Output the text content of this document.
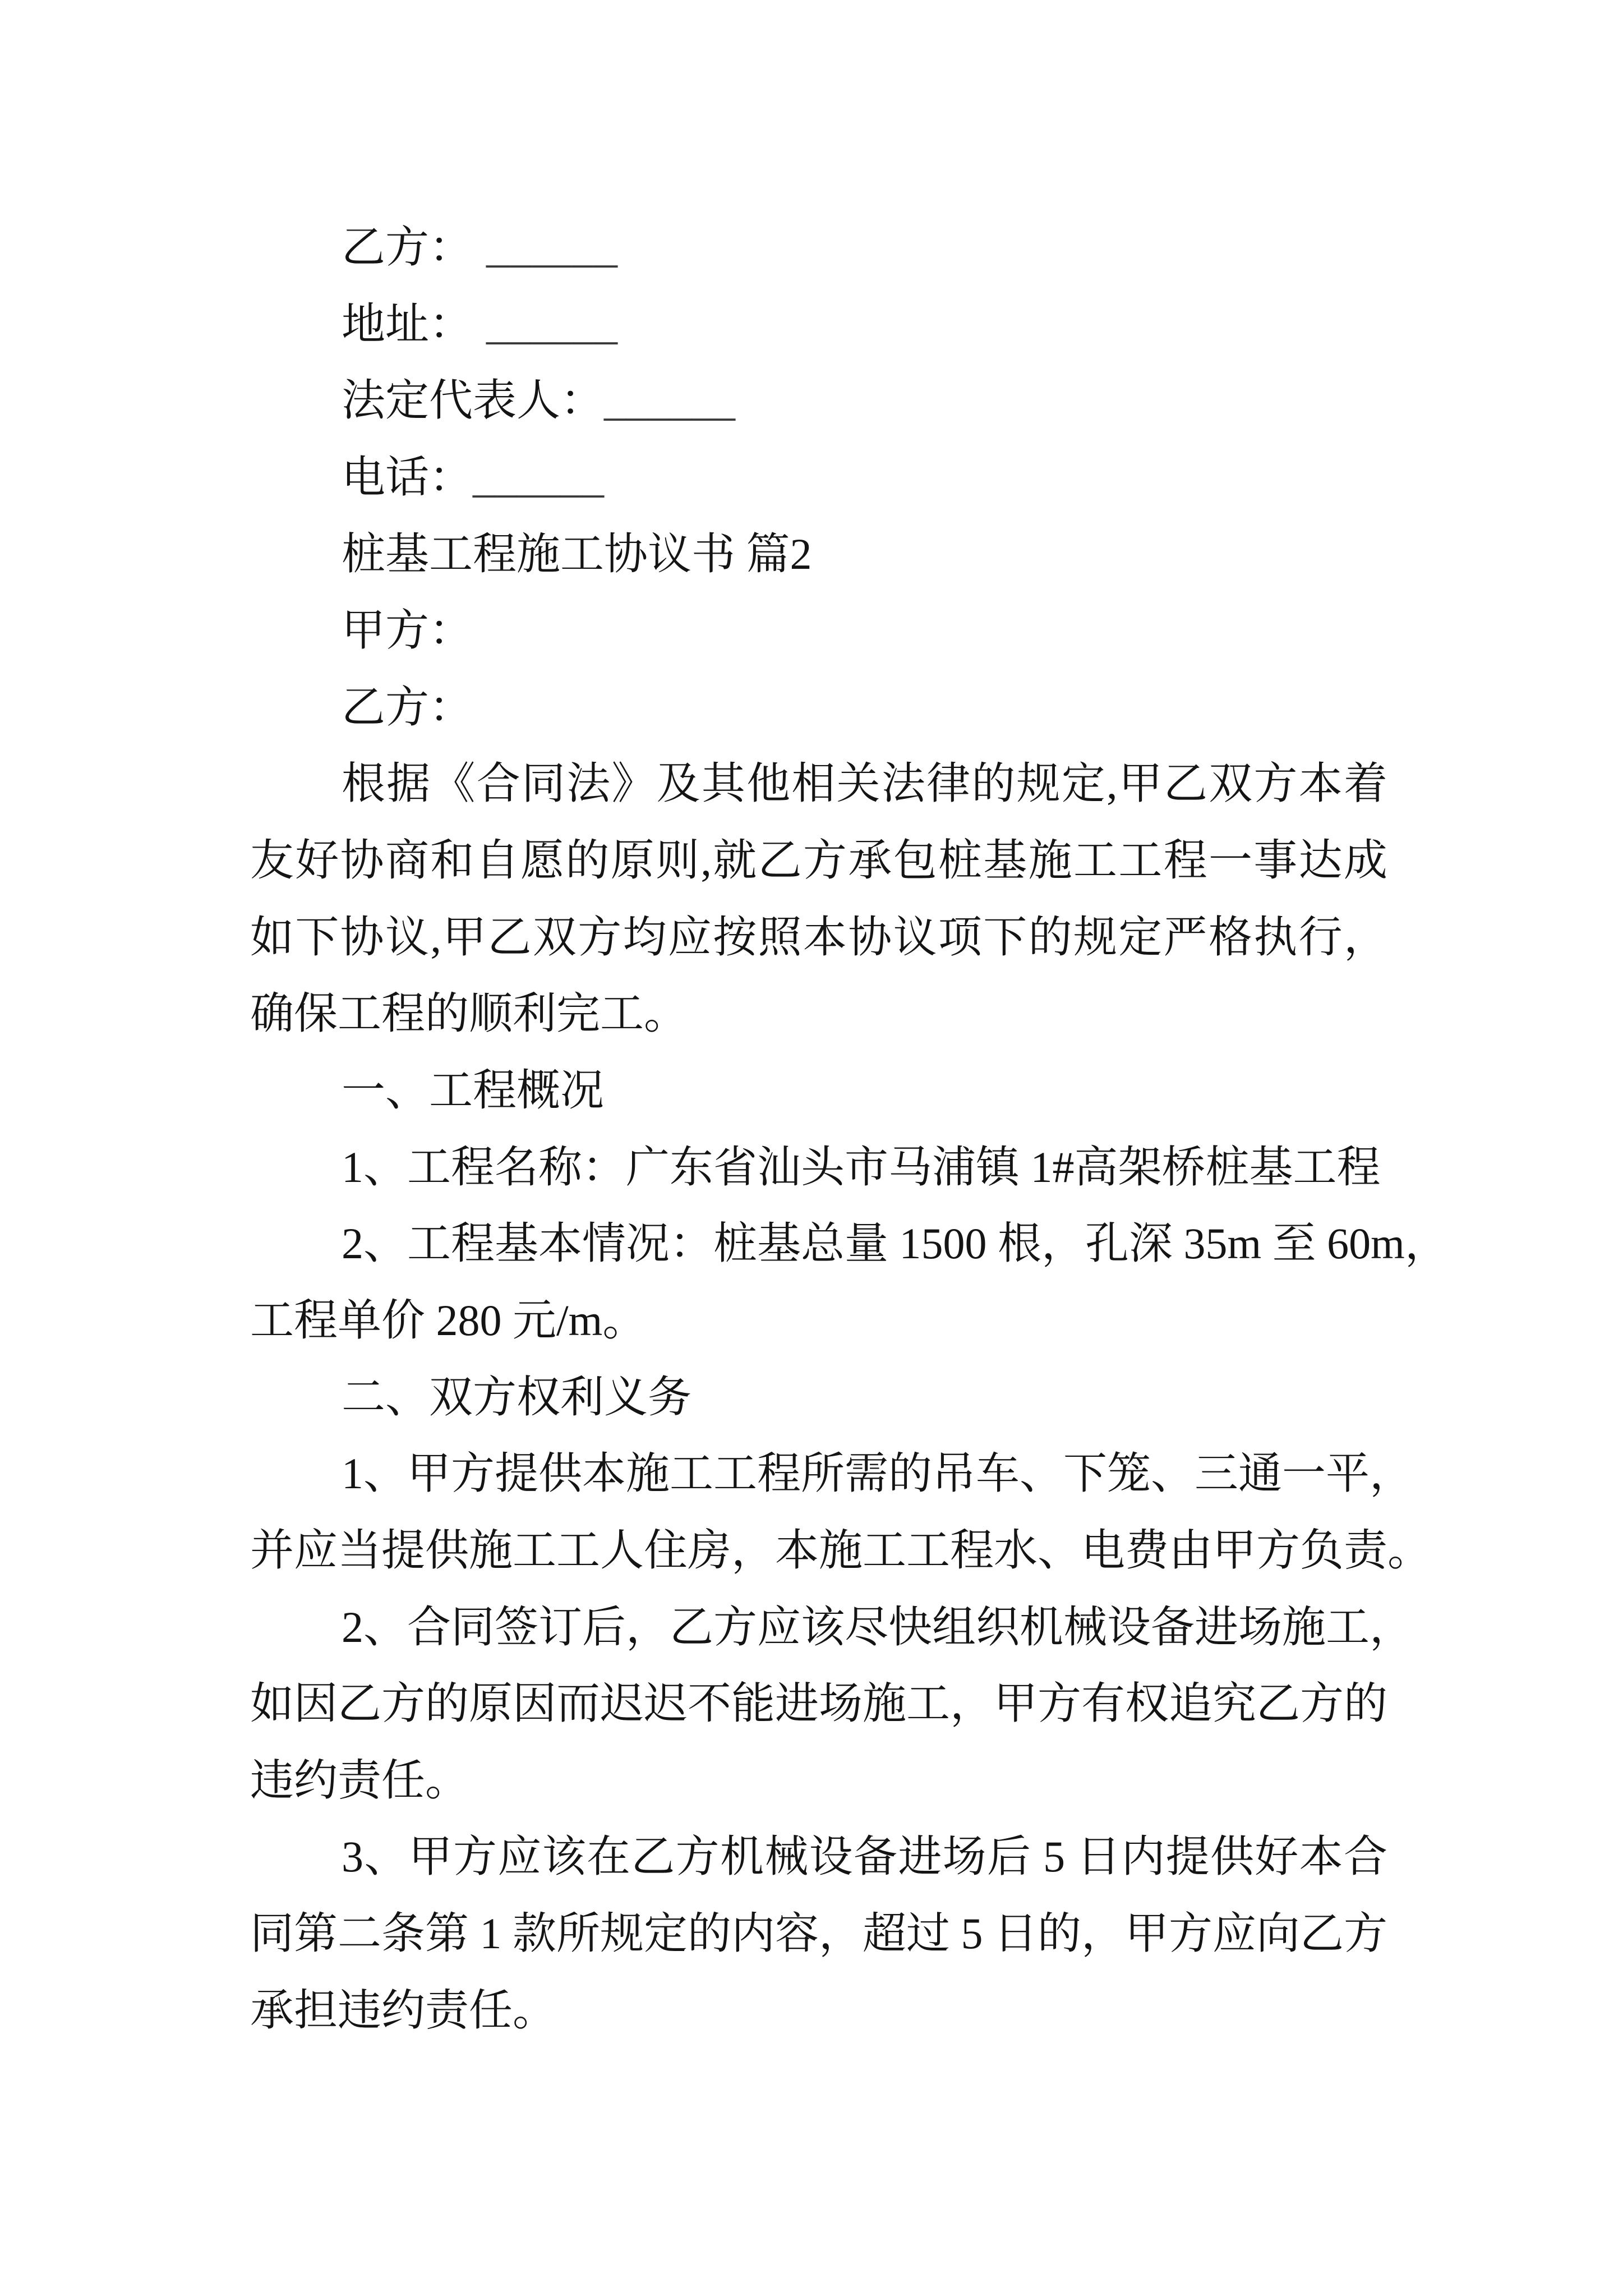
乙方： ______
地址： ______
法定代表人：______
电话：______
桩基工程施工协议书 篇2
甲方：
乙方：
根据《合同法》及其他相关法律的规定,甲乙双方本着
友好协商和自愿的原则,就乙方承包桩基施工工程一事达成
如下协议,甲乙双方均应按照本协议项下的规定严格执行，
确保工程的顺利完工。
一、工程概况
1、工程名称：广东省汕头市马浦镇 1#高架桥桩基工程
2、工程基本情况：桩基总量 1500 根，孔深 35m 至 60m，
工程单价 280 元/m。
二、双方权利义务
1、甲方提供本施工工程所需的吊车、下笼、三通一平，
并应当提供施工工人住房，本施工工程水、电费由甲方负责。
2、合同签订后，乙方应该尽快组织机械设备进场施工，
如因乙方的原因而迟迟不能进场施工，甲方有权追究乙方的
违约责任。
3、甲方应该在乙方机械设备进场后 5 日内提供好本合
同第二条第 1 款所规定的内容，超过 5 日的，甲方应向乙方
承担违约责任。
